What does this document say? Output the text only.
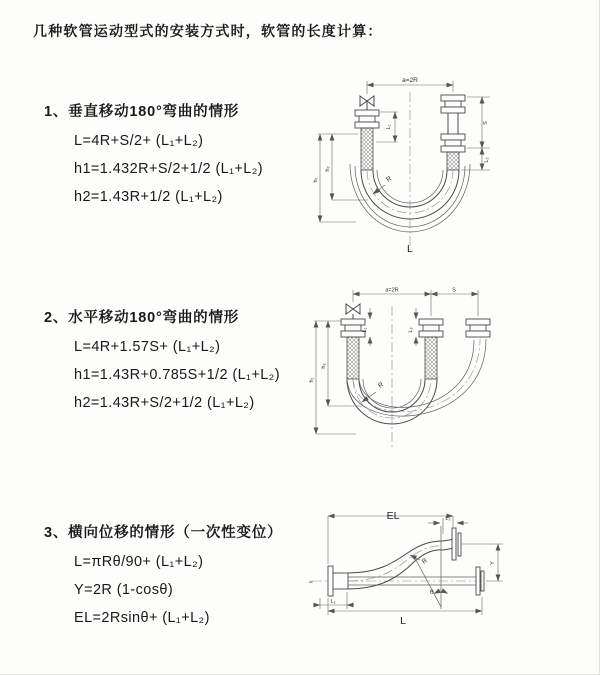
几种软管运动型式的安装方式时，软管的长度计算：
1、垂直移动180°弯曲的情形
L=4R+S/2+ (L₁+L₂)
h1=1.432R+S/2+1/2 (L₁+L₂)
h2=1.43R+1/2 (L₁+L₂)
2、水平移动180°弯曲的情形
L=4R+1.57S+ (L₁+L₂)
h1=1.43R+0.785S+1/2 (L₁+L₂)
h2=1.43R+S/2+1/2 (L₁+L₂)
3、横向位移的情形（一次性变位）
L=πRθ/90+ (L₁+L₂)
Y=2R (1-cosθ)
EL=2Rsinθ+ (L₁+L₂)
a=2R
h₁
h₂
L₁
S
L₂
R
L
a=2R	S
h₁
h₂
L₁	L₂
R
EL	L₂
Y
≈
R
θ
L₁
L
